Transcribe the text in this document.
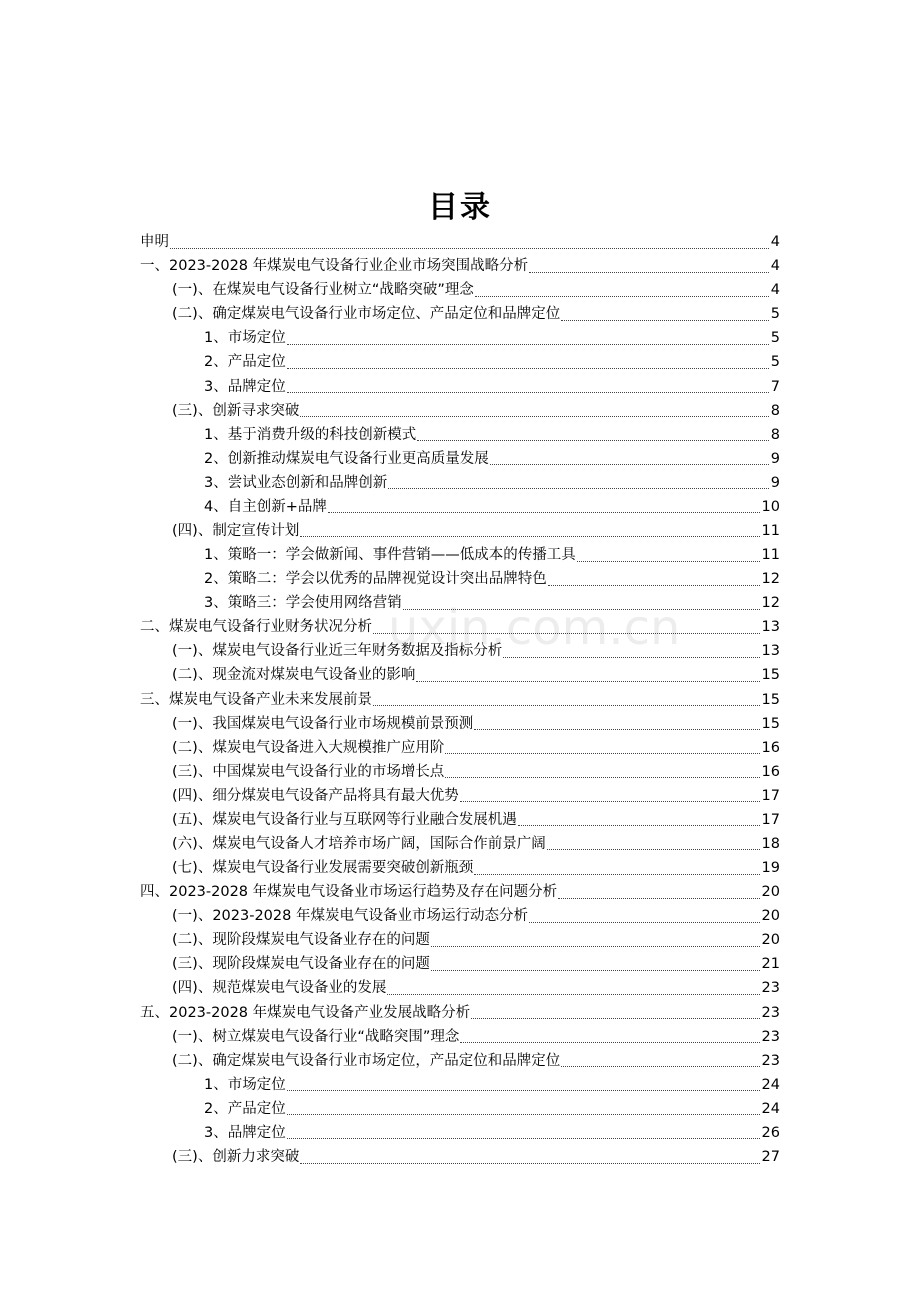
uxin.com.cn
目录
申明	4
一、2023-2028 年煤炭电气设备行业企业市场突围战略分析	4
(一)、在煤炭电气设备行业树立“战略突破”理念	4
(二)、确定煤炭电气设备行业市场定位、产品定位和品牌定位	5
1、市场定位	5
2、产品定位	5
3、品牌定位	7
(三)、创新寻求突破	8
1、基于消费升级的科技创新模式	8
2、创新推动煤炭电气设备行业更高质量发展	9
3、尝试业态创新和品牌创新	9
4、自主创新+品牌	10
(四)、制定宣传计划	11
1、策略一：学会做新闻、事件营销——低成本的传播工具	11
2、策略二：学会以优秀的品牌视觉设计突出品牌特色	12
3、策略三：学会使用网络营销	12
二、煤炭电气设备行业财务状况分析	13
(一)、煤炭电气设备行业近三年财务数据及指标分析	13
(二)、现金流对煤炭电气设备业的影响	15
三、煤炭电气设备产业未来发展前景	15
(一)、我国煤炭电气设备行业市场规模前景预测	15
(二)、煤炭电气设备进入大规模推广应用阶	16
(三)、中国煤炭电气设备行业的市场增长点	16
(四)、细分煤炭电气设备产品将具有最大优势	17
(五)、煤炭电气设备行业与互联网等行业融合发展机遇	17
(六)、煤炭电气设备人才培养市场广阔，国际合作前景广阔	18
(七)、煤炭电气设备行业发展需要突破创新瓶颈	19
四、2023-2028 年煤炭电气设备业市场运行趋势及存在问题分析	20
(一)、2023-2028 年煤炭电气设备业市场运行动态分析	20
(二)、现阶段煤炭电气设备业存在的问题	20
(三)、现阶段煤炭电气设备业存在的问题	21
(四)、规范煤炭电气设备业的发展	23
五、2023-2028 年煤炭电气设备产业发展战略分析	23
(一)、树立煤炭电气设备行业“战略突围”理念	23
(二)、确定煤炭电气设备行业市场定位，产品定位和品牌定位	23
1、市场定位	24
2、产品定位	24
3、品牌定位	26
(三)、创新力求突破	27
